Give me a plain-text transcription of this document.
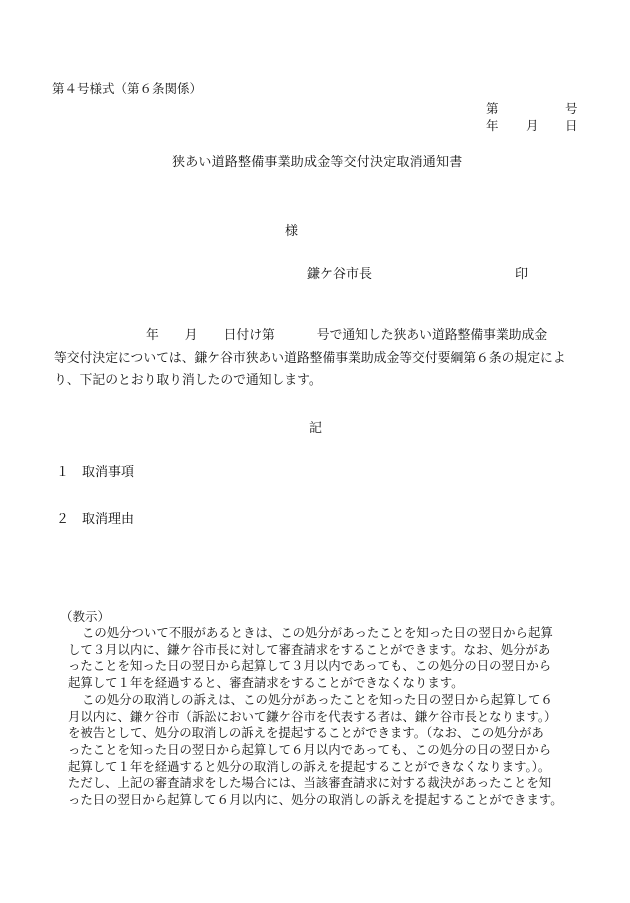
第４号様式（第６条関係）
第	号
年 月 日
狭あい道路整備事業助成金等交付決定取消通知書
様
鎌ケ谷市長	印
年 月 日付け第	号で通知した狭あい道路整備事業助成金
等交付決定については、鎌ケ谷市狭あい道路整備事業助成金等交付要綱第６条の規定によ
り、下記のとおり取り消したので通知します。
記
１ 取消事項
２ 取消理由
（教示）
この処分ついて不服があるときは、この処分があったことを知った日の翌日から起算
して３月以内に、鎌ケ谷市長に対して審査請求をすることができます。なお、処分があ
ったことを知った日の翌日から起算して３月以内であっても、この処分の日の翌日から
起算して１年を経過すると、審査請求をすることができなくなります。
この処分の取消しの訴えは、この処分があったことを知った日の翌日から起算して６
月以内に、鎌ケ谷市（訴訟において鎌ケ谷市を代表する者は、鎌ケ谷市長となります。）
を被告として、処分の取消しの訴えを提起することができます。（なお、この処分があ
ったことを知った日の翌日から起算して６月以内であっても、この処分の日の翌日から
起算して１年を経過すると処分の取消しの訴えを提起することができなくなります。）。
ただし、上記の審査請求をした場合には、当該審査請求に対する裁決があったことを知
った日の翌日から起算して６月以内に、処分の取消しの訴えを提起することができます。
